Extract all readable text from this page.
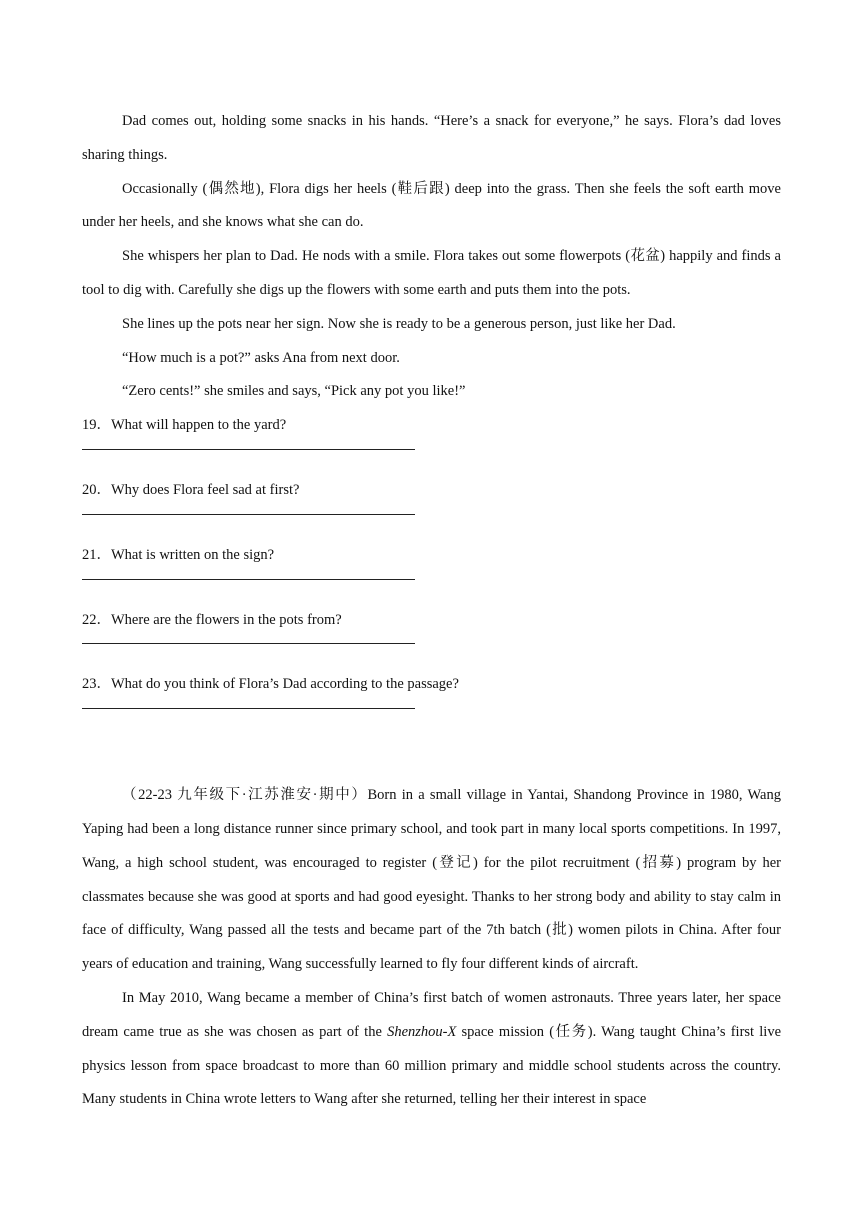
Dad comes out, holding some snacks in his hands. “Here’s a snack for everyone,” he says. Flora’s dad loves sharing things.

Occasionally (偶然地), Flora digs her heels (鞋后跟) deep into the grass. Then she feels the soft earth move under her heels, and she knows what she can do.

She whispers her plan to Dad. He nods with a smile. Flora takes out some flowerpots (花盆) happily and finds a tool to dig with. Carefully she digs up the flowers with some earth and puts them into the pots.

She lines up the pots near her sign. Now she is ready to be a generous person, just like her Dad.

“How much is a pot?” asks Ana from next door.

“Zero cents!” she smiles and says, “Pick any pot you like!”

19．What will happen to the yard?

20．Why does Flora feel sad at first?

21．What is written on the sign?

22．Where are the flowers in the pots from?

23．What do you think of Flora’s Dad according to the passage?

（22-23 九年级下·江苏淮安·期中）Born in a small village in Yantai, Shandong Province in 1980, Wang Yaping had been a long distance runner since primary school, and took part in many local sports competitions. In 1997, Wang, a high school student, was encouraged to register (登记) for the pilot recruitment (招募) program by her classmates because she was good at sports and had good eyesight. Thanks to her strong body and ability to stay calm in face of difficulty, Wang passed all the tests and became part of the 7th batch (批) women pilots in China. After four years of education and training, Wang successfully learned to fly four different kinds of aircraft.

In May 2010, Wang became a member of China’s first batch of women astronauts. Three years later, her space dream came true as she was chosen as part of the Shenzhou-X space mission (任务). Wang taught China’s first live physics lesson from space broadcast to more than 60 million primary and middle school students across the country. Many students in China wrote letters to Wang after she returned, telling her their interest in space
